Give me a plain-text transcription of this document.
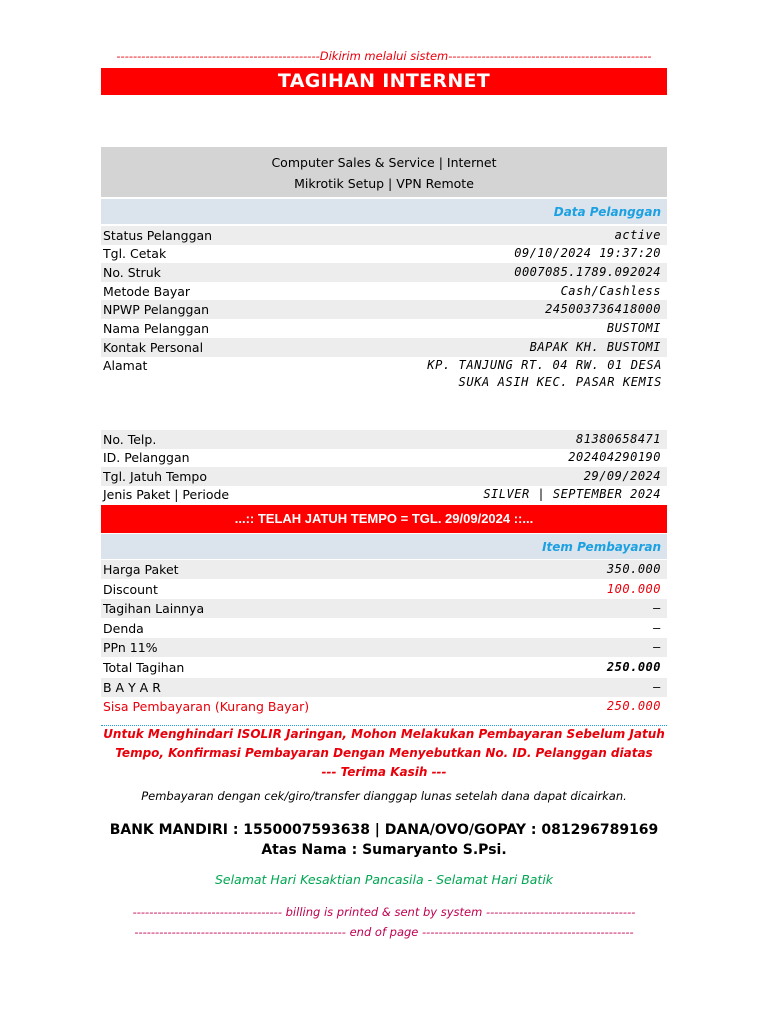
-------------------------------------------------Dikirim melalui sistem-------------------------------------------------
TAGIHAN INTERNET
Computer Sales & Service | Internet
Mikrotik Setup | VPN Remote
Data Pelanggan
Status Pelanggan	active
Tgl. Cetak	09/10/2024 19:37:20
No. Struk	0007085.1789.092024
Metode Bayar	Cash/Cashless
NPWP Pelanggan	245003736418000
Nama Pelanggan	BUSTOMI
Kontak Personal	BAPAK KH. BUSTOMI
Alamat	KP. TANJUNG RT. 04 RW. 01 DESA
SUKA ASIH KEC. PASAR KEMIS
No. Telp.	81380658471
ID. Pelanggan	202404290190
Tgl. Jatuh Tempo	29/09/2024
Jenis Paket | Periode	SILVER | SEPTEMBER 2024
...:: TELAH JATUH TEMPO = TGL. 29/09/2024 ::...
Item Pembayaran
Harga Paket	350.000
Discount	100.000
Tagihan Lainnya	–
Denda	–
PPn 11%	–
Total Tagihan	250.000
B A Y A R	–
Sisa Pembayaran (Kurang Bayar)	250.000
Untuk Menghindari ISOLIR Jaringan, Mohon Melakukan Pembayaran Sebelum Jatuh
Tempo, Konfirmasi Pembayaran Dengan Menyebutkan No. ID. Pelanggan diatas
--- Terima Kasih ---
Pembayaran dengan cek/giro/transfer dianggap lunas setelah dana dapat dicairkan.
BANK MANDIRI : 1550007593638 | DANA/OVO/GOPAY : 081296789169
Atas Nama : Sumaryanto S.Psi.
Selamat Hari Kesaktian Pancasila - Selamat Hari Batik
------------------------------------ billing is printed & sent by system ------------------------------------
--------------------------------------------------- end of page ---------------------------------------------------
